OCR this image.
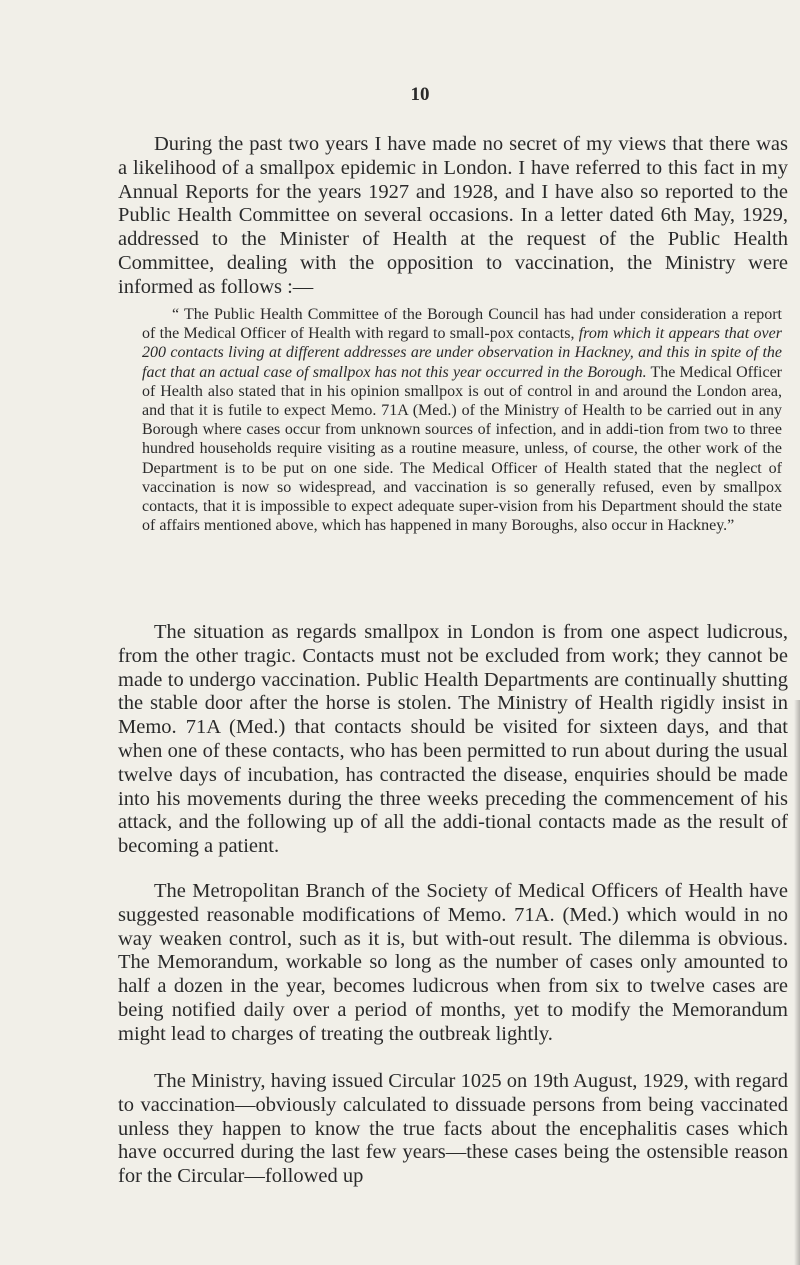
10

During the past two years I have made no secret of my views that there was a likelihood of a smallpox epidemic in London. I have referred to this fact in my Annual Reports for the years 1927 and 1928, and I have also so reported to the Public Health Committee on several occasions. In a letter dated 6th May, 1929, addressed to the Minister of Health at the request of the Public Health Committee, dealing with the opposition to vaccination, the Ministry were informed as follows :—

“ The Public Health Committee of the Borough Council has had under consideration a report of the Medical Officer of Health with regard to small-pox contacts, from which it appears that over 200 contacts living at different addresses are under observation in Hackney, and this in spite of the fact that an actual case of smallpox has not this year occurred in the Borough. The Medical Officer of Health also stated that in his opinion smallpox is out of control in and around the London area, and that it is futile to expect Memo. 71A (Med.) of the Ministry of Health to be carried out in any Borough where cases occur from unknown sources of infection, and in addi-tion from two to three hundred households require visiting as a routine measure, unless, of course, the other work of the Department is to be put on one side. The Medical Officer of Health stated that the neglect of vaccination is now so widespread, and vaccination is so generally refused, even by smallpox contacts, that it is impossible to expect adequate super-vision from his Department should the state of affairs mentioned above, which has happened in many Boroughs, also occur in Hackney.”

The situation as regards smallpox in London is from one aspect ludicrous, from the other tragic. Contacts must not be excluded from work; they cannot be made to undergo vaccination. Public Health Departments are continually shutting the stable door after the horse is stolen. The Ministry of Health rigidly insist in Memo. 71A (Med.) that contacts should be visited for sixteen days, and that when one of these contacts, who has been permitted to run about during the usual twelve days of incubation, has contracted the disease, enquiries should be made into his movements during the three weeks preceding the commencement of his attack, and the following up of all the addi-tional contacts made as the result of becoming a patient.

The Metropolitan Branch of the Society of Medical Officers of Health have suggested reasonable modifications of Memo. 71A. (Med.) which would in no way weaken control, such as it is, but with-out result. The dilemma is obvious. The Memorandum, workable so long as the number of cases only amounted to half a dozen in the year, becomes ludicrous when from six to twelve cases are being notified daily over a period of months, yet to modify the Memorandum might lead to charges of treating the outbreak lightly.

The Ministry, having issued Circular 1025 on 19th August, 1929, with regard to vaccination—obviously calculated to dissuade persons from being vaccinated unless they happen to know the true facts about the encephalitis cases which have occurred during the last few years—these cases being the ostensible reason for the Circular—followed up
